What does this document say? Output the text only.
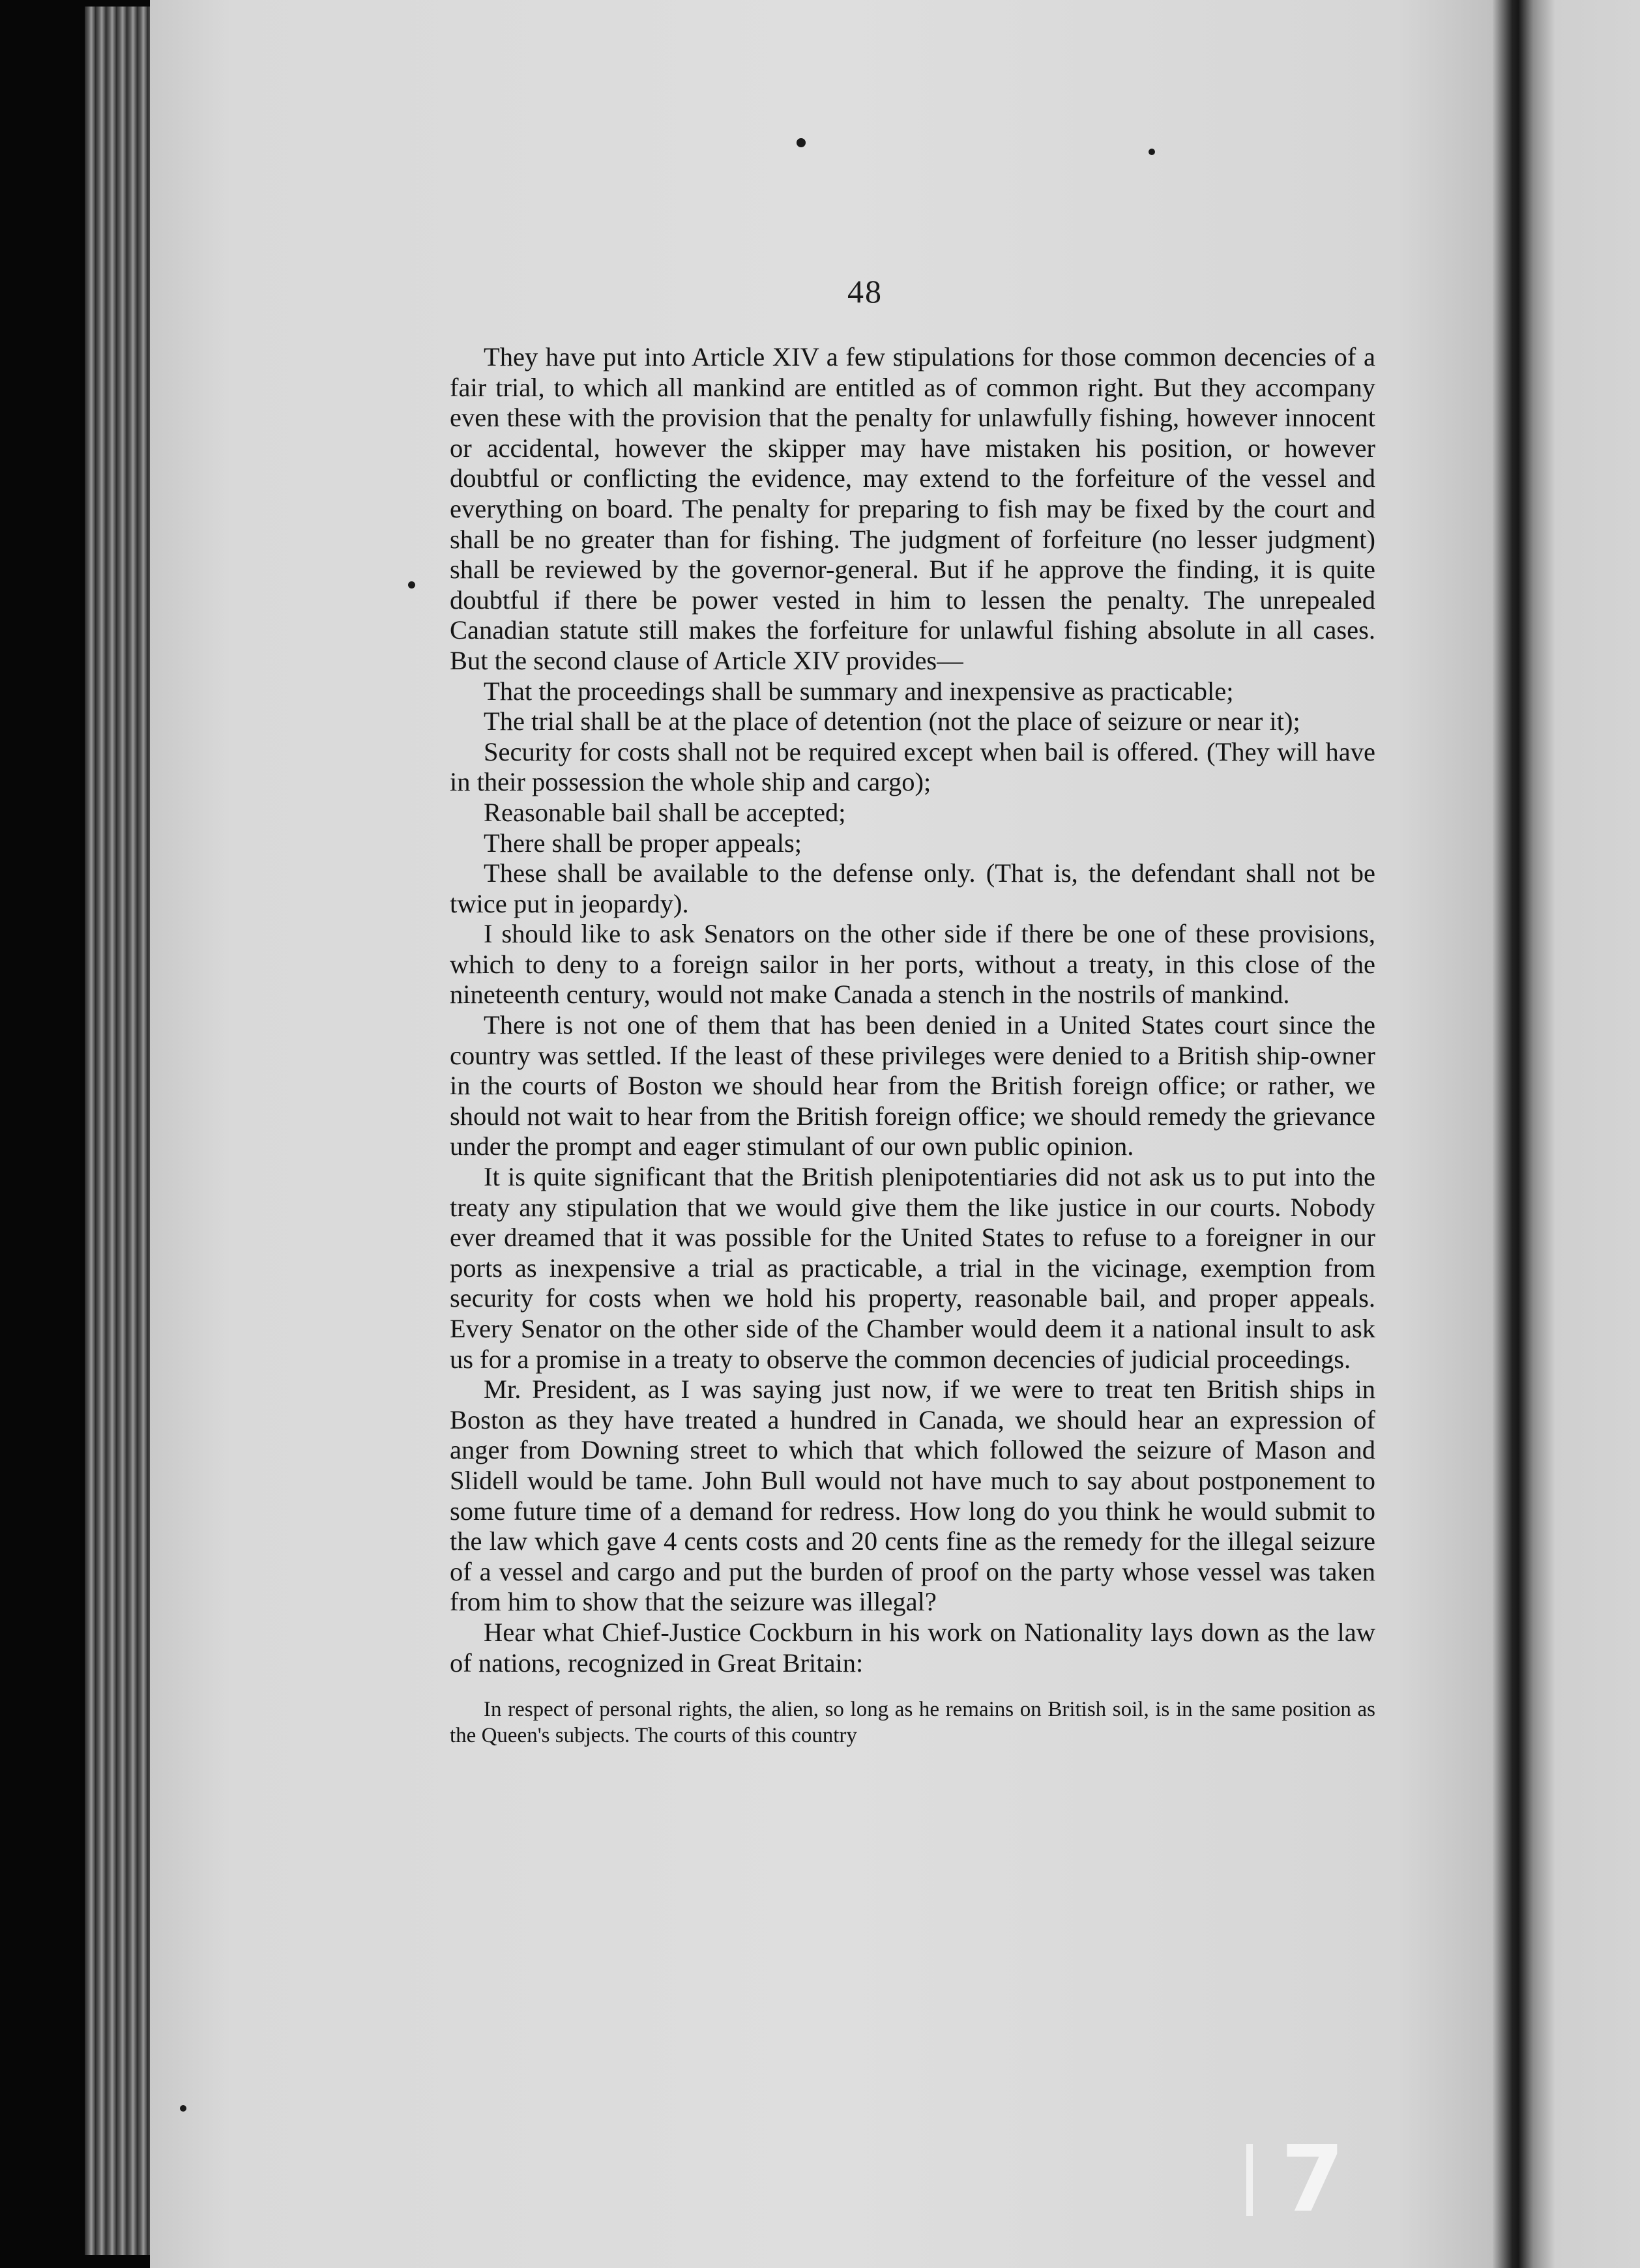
48

They have put into Article XIV a few stipulations for those common decencies of a fair trial, to which all mankind are entitled as of common right. But they accompany even these with the provision that the penalty for unlawfully fishing, however innocent or accidental, however the skipper may have mistaken his position, or however doubtful or conflicting the evidence, may extend to the forfeiture of the vessel and everything on board. The penalty for preparing to fish may be fixed by the court and shall be no greater than for fishing. The judgment of forfeiture (no lesser judgment) shall be reviewed by the governor-general. But if he approve the finding, it is quite doubtful if there be power vested in him to lessen the penalty. The unrepealed Canadian statute still makes the forfeiture for unlawful fishing absolute in all cases. But the second clause of Article XIV provides—

That the proceedings shall be summary and inexpensive as practicable;

The trial shall be at the place of detention (not the place of seizure or near it);

Security for costs shall not be required except when bail is offered. (They will have in their possession the whole ship and cargo);

Reasonable bail shall be accepted;

There shall be proper appeals;

These shall be available to the defense only. (That is, the defendant shall not be twice put in jeopardy).

I should like to ask Senators on the other side if there be one of these provisions, which to deny to a foreign sailor in her ports, without a treaty, in this close of the nineteenth century, would not make Canada a stench in the nostrils of mankind.

There is not one of them that has been denied in a United States court since the country was settled. If the least of these privileges were denied to a British ship-owner in the courts of Boston we should hear from the British foreign office; or rather, we should not wait to hear from the British foreign office; we should remedy the grievance under the prompt and eager stimulant of our own public opinion.

It is quite significant that the British plenipotentiaries did not ask us to put into the treaty any stipulation that we would give them the like justice in our courts. Nobody ever dreamed that it was possible for the United States to refuse to a foreigner in our ports as inexpensive a trial as practicable, a trial in the vicinage, exemption from security for costs when we hold his property, reasonable bail, and proper appeals. Every Senator on the other side of the Chamber would deem it a national insult to ask us for a promise in a treaty to observe the common decencies of judicial proceedings.

Mr. President, as I was saying just now, if we were to treat ten British ships in Boston as they have treated a hundred in Canada, we should hear an expression of anger from Downing street to which that which followed the seizure of Mason and Slidell would be tame. John Bull would not have much to say about postponement to some future time of a demand for redress. How long do you think he would submit to the law which gave 4 cents costs and 20 cents fine as the remedy for the illegal seizure of a vessel and cargo and put the burden of proof on the party whose vessel was taken from him to show that the seizure was illegal?

Hear what Chief-Justice Cockburn in his work on Nationality lays down as the law of nations, recognized in Great Britain:

In respect of personal rights, the alien, so long as he remains on British soil, is in the same position as the Queen's subjects. The courts of this country

7
